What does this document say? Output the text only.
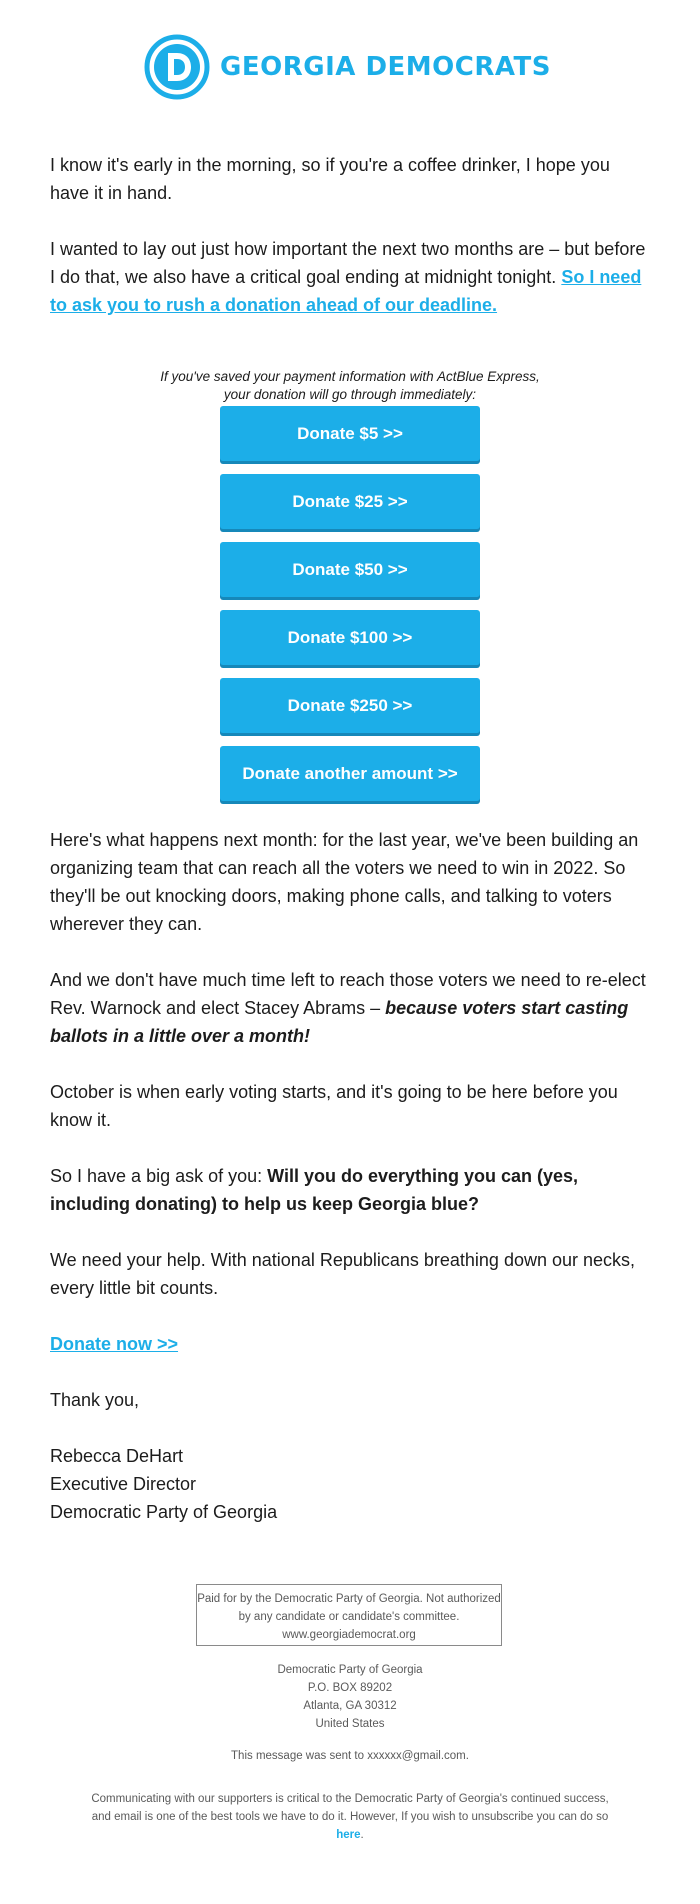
GEORGIA DEMOCRATS

I know it's early in the morning, so if you're a coffee drinker, I hope you have it in hand.

I wanted to lay out just how important the next two months are – but before I do that, we also have a critical goal ending at midnight tonight. So I need to ask you to rush a donation ahead of our deadline.

If you've saved your payment information with ActBlue Express,
your donation will go through immediately:
Donate $5 >>
Donate $25 >>
Donate $50 >>
Donate $100 >>
Donate $250 >>
Donate another amount >>

Here's what happens next month: for the last year, we've been building an organizing team that can reach all the voters we need to win in 2022. So they'll be out knocking doors, making phone calls, and talking to voters wherever they can.

And we don't have much time left to reach those voters we need to re-elect Rev. Warnock and elect Stacey Abrams – because voters start casting ballots in a little over a month!

October is when early voting starts, and it's going to be here before you know it.

So I have a big ask of you: Will you do everything you can (yes, including donating) to help us keep Georgia blue?

We need your help. With national Republicans breathing down our necks, every little bit counts.

Donate now >>

Thank you,

Rebecca DeHart

Executive Director

Democratic Party of Georgia

Paid for by the Democratic Party of Georgia. Not authorized by any candidate or candidate's committee.
www.georgiademocrat.org
Democratic Party of Georgia
P.O. BOX 89202
Atlanta, GA 30312
United States
This message was sent to xxxxxx@gmail.com.
Communicating with our supporters is critical to the Democratic Party of Georgia's continued success, and email is one of the best tools we have to do it. However, If you wish to unsubscribe you can do so here.
